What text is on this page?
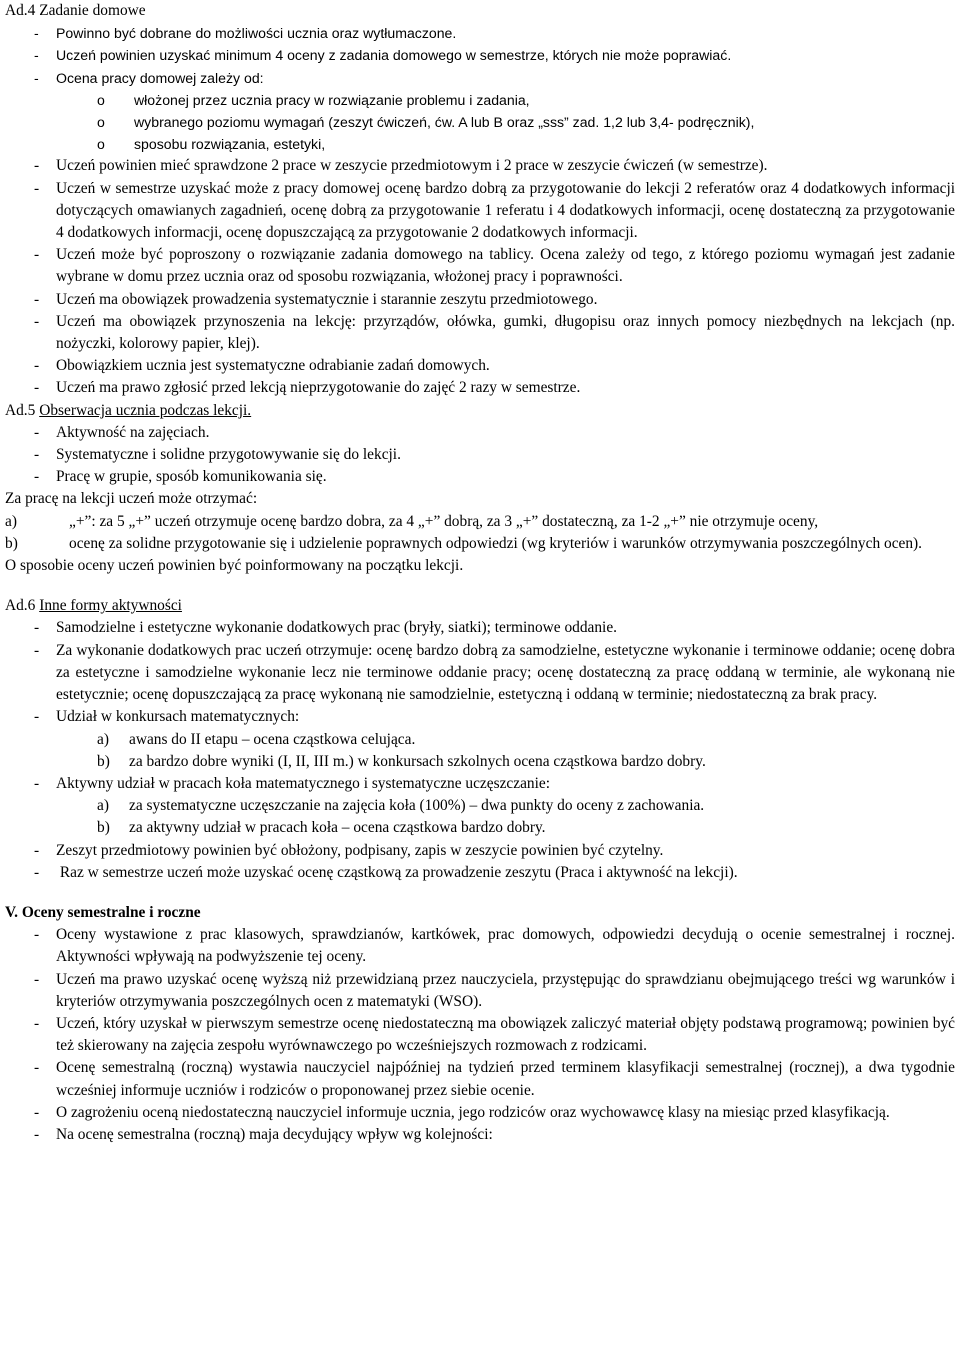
Ad.4 Zadanie domowe

-	Powinno być dobrane do możliwości ucznia oraz wytłumaczone.
-	Uczeń powinien uzyskać minimum 4 oceny z zadania domowego w semestrze, których nie może poprawiać.
-	Ocena pracy domowej zależy od:
o	włożonej przez ucznia pracy w rozwiązanie problemu i zadania,
o	wybranego poziomu wymagań (zeszyt ćwiczeń, ćw. A lub B oraz „sss” zad. 1,2 lub 3,4- podręcznik),
o	sposobu rozwiązania, estetyki,
-	Uczeń powinien mieć sprawdzone 2 prace w zeszycie przedmiotowym i 2 prace w zeszycie ćwiczeń (w semestrze).
-	Uczeń w semestrze uzyskać może z pracy domowej ocenę bardzo dobrą za przygotowanie do lekcji 2 referatów oraz 4 dodatkowych informacji dotyczących omawianych zagadnień, ocenę dobrą za przygotowanie 1 referatu i 4 dodatkowych informacji, ocenę dostateczną za przygotowanie 4 dodatkowych informacji, ocenę dopuszczającą za przygotowanie 2 dodatkowych informacji.
-	Uczeń może być poproszony o rozwiązanie zadania domowego na tablicy. Ocena zależy od tego, z którego poziomu wymagań jest zadanie wybrane w domu przez ucznia oraz od sposobu rozwiązania, włożonej pracy i poprawności.
-	Uczeń ma obowiązek prowadzenia systematycznie i starannie zeszytu przedmiotowego.
-	Uczeń ma obowiązek przynoszenia na lekcję: przyrządów, ołówka, gumki, długopisu oraz innych pomocy niezbędnych na lekcjach (np. nożyczki, kolorowy papier, klej).
-	Obowiązkiem ucznia jest systematyczne odrabianie zadań domowych.
-	Uczeń ma prawo zgłosić przed lekcją nieprzygotowanie do zajęć 2 razy w semestrze.

Ad.5 Obserwacja ucznia podczas lekcji.

-	Aktywność na zajęciach.
-	Systematyczne i solidne przygotowywanie się do lekcji.
-	Pracę w grupie, sposób komunikowania się.

Za pracę na lekcji uczeń może otrzymać:

a)	„+”: za 5 „+” uczeń otrzymuje ocenę bardzo dobra, za 4 „+” dobrą, za 3 „+” dostateczną, za 1-2 „+” nie otrzymuje oceny,
b)	ocenę za solidne przygotowanie się i udzielenie poprawnych odpowiedzi (wg kryteriów i warunków otrzymywania poszczególnych ocen).

O sposobie oceny uczeń powinien być poinformowany na początku lekcji.

Ad.6 Inne formy aktywności

-	Samodzielne i estetyczne wykonanie dodatkowych prac (bryły, siatki); terminowe oddanie.
-	Za wykonanie dodatkowych prac uczeń otrzymuje: ocenę bardzo dobrą za samodzielne, estetyczne wykonanie i terminowe oddanie; ocenę dobra za estetyczne i samodzielne wykonanie lecz nie terminowe oddanie pracy; ocenę dostateczną za pracę oddaną w terminie, ale wykonaną nie estetycznie; ocenę dopuszczającą za pracę wykonaną nie samodzielnie, estetyczną i oddaną w terminie; niedostateczną za brak pracy.
-	Udział w konkursach matematycznych:
a)	awans do II etapu – ocena cząstkowa celująca.
b)	za bardzo dobre wyniki (I, II, III m.) w konkursach szkolnych ocena cząstkowa bardzo dobry.
-	Aktywny udział w pracach koła matematycznego i systematyczne uczęszczanie:
a)	za systematyczne uczęszczanie na zajęcia koła (100%) – dwa punkty do oceny z zachowania.
b)	za aktywny udział w pracach koła – ocena cząstkowa bardzo dobry.
-	Zeszyt przedmiotowy powinien być obłożony, podpisany, zapis w zeszycie powinien być czytelny.
-	Raz w semestrze uczeń może uzyskać ocenę cząstkową za prowadzenie zeszytu (Praca i aktywność na lekcji).

V. Oceny semestralne i roczne

-	Oceny wystawione z prac klasowych, sprawdzianów, kartkówek, prac domowych, odpowiedzi decydują o ocenie semestralnej i rocznej. Aktywności wpływają na podwyższenie tej oceny.
-	Uczeń ma prawo uzyskać ocenę wyższą niż przewidzianą przez nauczyciela, przystępując do sprawdzianu obejmującego treści wg warunków i kryteriów otrzymywania poszczególnych ocen z matematyki (WSO).
-	Uczeń, który uzyskał w pierwszym semestrze ocenę niedostateczną ma obowiązek zaliczyć materiał objęty podstawą programową; powinien być też skierowany na zajęcia zespołu wyrównawczego po wcześniejszych rozmowach z rodzicami.
-	Ocenę semestralną (roczną) wystawia nauczyciel najpóźniej na tydzień przed terminem klasyfikacji semestralnej (rocznej), a dwa tygodnie wcześniej informuje uczniów i rodziców o proponowanej przez siebie ocenie.
-	O zagrożeniu oceną niedostateczną nauczyciel informuje ucznia, jego rodziców oraz wychowawcę klasy na miesiąc przed klasyfikacją.
-	Na ocenę semestralna (roczną) maja decydujący wpływ wg kolejności:
